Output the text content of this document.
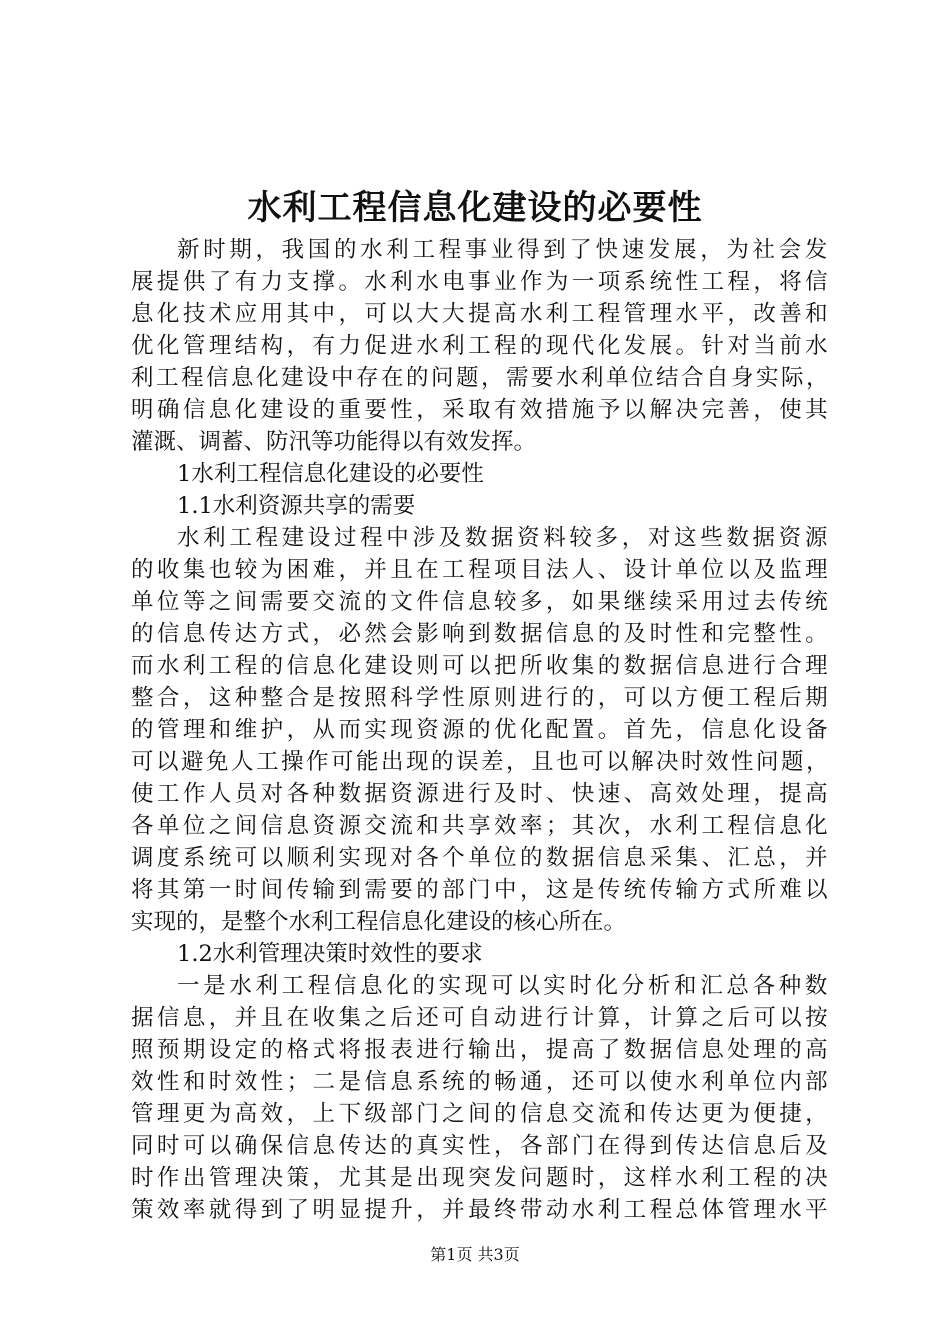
水利工程信息化建设的必要性
新时期，我国的水利工程事业得到了快速发展，为社会发
展提供了有力支撑。水利水电事业作为一项系统性工程，将信
息化技术应用其中，可以大大提高水利工程管理水平，改善和
优化管理结构，有力促进水利工程的现代化发展。针对当前水
利工程信息化建设中存在的问题，需要水利单位结合自身实际，
明确信息化建设的重要性，采取有效措施予以解决完善，使其
灌溉、调蓄、防汛等功能得以有效发挥。
1水利工程信息化建设的必要性
1.1水利资源共享的需要
水利工程建设过程中涉及数据资料较多，对这些数据资源
的收集也较为困难，并且在工程项目法人、设计单位以及监理
单位等之间需要交流的文件信息较多，如果继续采用过去传统
的信息传达方式，必然会影响到数据信息的及时性和完整性。
而水利工程的信息化建设则可以把所收集的数据信息进行合理
整合，这种整合是按照科学性原则进行的，可以方便工程后期
的管理和维护，从而实现资源的优化配置。首先，信息化设备
可以避免人工操作可能出现的误差，且也可以解决时效性问题，
使工作人员对各种数据资源进行及时、快速、高效处理，提高
各单位之间信息资源交流和共享效率；其次，水利工程信息化
调度系统可以顺利实现对各个单位的数据信息采集、汇总，并
将其第一时间传输到需要的部门中，这是传统传输方式所难以
实现的，是整个水利工程信息化建设的核心所在。
1.2水利管理决策时效性的要求
一是水利工程信息化的实现可以实时化分析和汇总各种数
据信息，并且在收集之后还可自动进行计算，计算之后可以按
照预期设定的格式将报表进行输出，提高了数据信息处理的高
效性和时效性；二是信息系统的畅通，还可以使水利单位内部
管理更为高效，上下级部门之间的信息交流和传达更为便捷，
同时可以确保信息传达的真实性，各部门在得到传达信息后及
时作出管理决策，尤其是出现突发问题时，这样水利工程的决
策效率就得到了明显提升，并最终带动水利工程总体管理水平
第1页 共3页
